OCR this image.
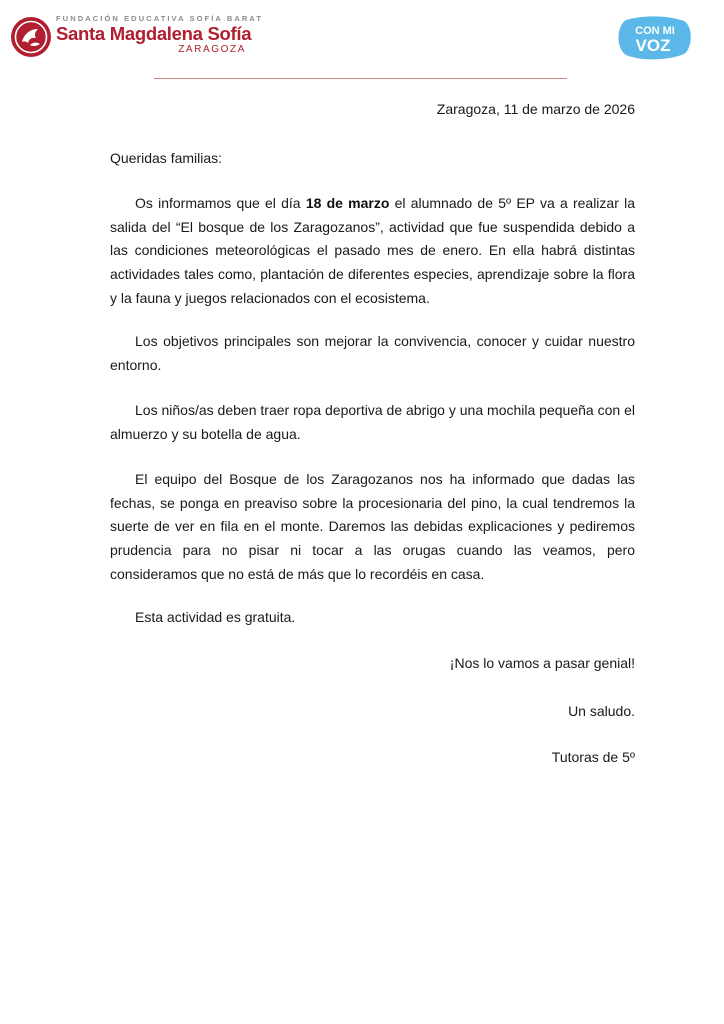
FUNDACIÓN EDUCATIVA SOFÍA BARAT
Santa Magdalena Sofía
ZARAGOZA
CON MI
VOZ

Zaragoza, 11 de marzo de 2026

Queridas familias:

Os informamos que el día 18 de marzo el alumnado de 5º EP va a realizar la salida del “El bosque de los Zaragozanos”, actividad que fue suspendida debido a las condiciones meteorológicas el pasado mes de enero. En ella habrá distintas actividades tales como, plantación de diferentes especies, aprendizaje sobre la flora y la fauna y juegos relacionados con el ecosistema.

Los objetivos principales son mejorar la convivencia, conocer y cuidar nuestro entorno.

Los niños/as deben traer ropa deportiva de abrigo y una mochila pequeña con el almuerzo y su botella de agua.

El equipo del Bosque de los Zaragozanos nos ha informado que dadas las fechas, se ponga en preaviso sobre la procesionaria del pino, la cual tendremos la suerte de ver en fila en el monte. Daremos las debidas explicaciones y pediremos prudencia para no pisar ni tocar a las orugas cuando las veamos, pero consideramos que no está de más que lo recordéis en casa.

Esta actividad es gratuita.

¡Nos lo vamos a pasar genial!

Un saludo.

Tutoras de 5º
